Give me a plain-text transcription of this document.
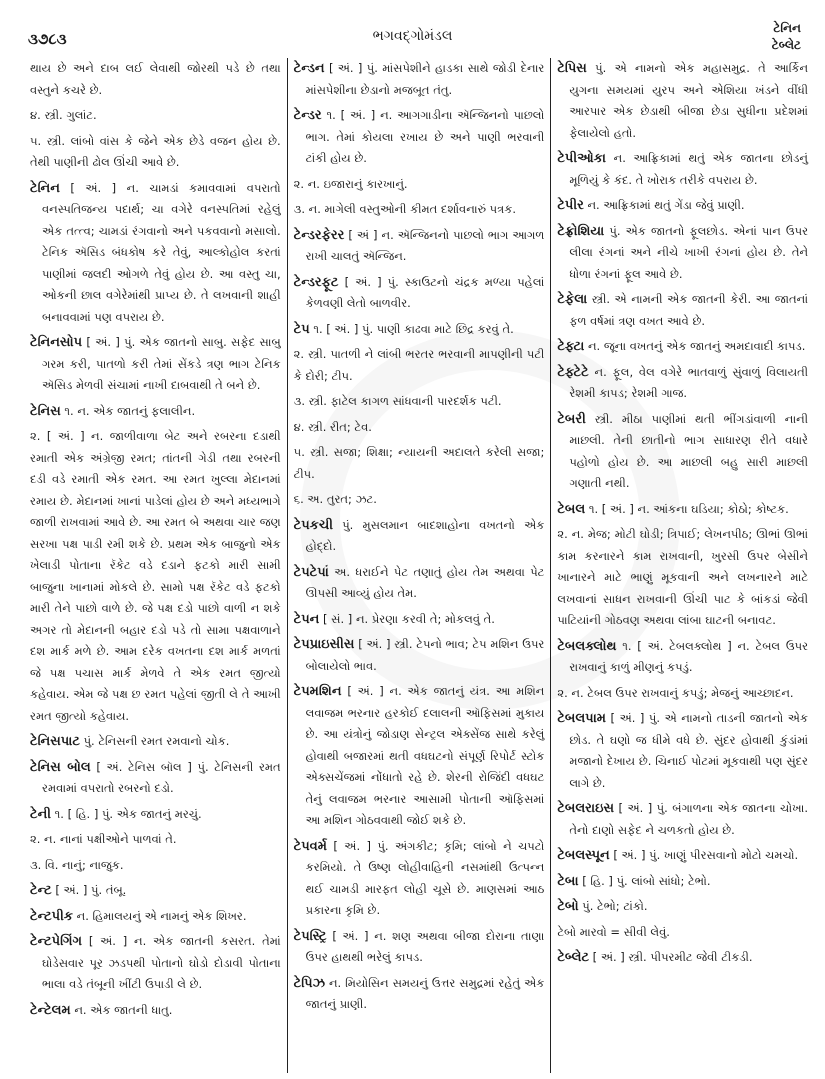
૩૭૮૩	ભગવદ્ગોમંડલ	ટેનિન
ટેબ્લેટ

થાય છે અને દાબ લઈ લેવાથી જોરથી પડે છે તથા વસ્તુને કચરે છે.

૪. સ્ત્રી. ગુલાંટ.

૫. સ્ત્રી. લાંબો વાંસ કે જેને એક છેડે વજન હોય છે. તેથી પાણીની ઢોલ ઊંચી આવે છે.

ટેનિન [ અં. ] ન. ચામડાં કમાવવામાં વપરાતો વનસ્પતિજન્ય પદાર્થ; ચા વગેરે વનસ્પતિમાં રહેલું એક તત્ત્વ; ચામડાં રંગવાનો અને પકવવાનો મસાલો. ટેનિક ઍસિડ બંધકોષ કરે તેવું, આલ્કોહોલ કરતાં પાણીમાં જલદી ઓગળે તેવું હોય છે. આ વસ્તુ ચા, ઓકની છાલ વગેરેમાંથી પ્રાપ્ય છે. તે લખવાની શાહી બનાવવામાં પણ વપરાય છે.

ટેનિનસોપ [ અં. ] પું. એક જાતનો સાબુ. સફેદ સાબુ ગરમ કરી, પાતળો કરી તેમાં સેંકડે ત્રણ ભાગ ટેનિક ઍસિડ મેળવી સંચામાં નાખી દાબવાથી તે બને છે.

ટેનિસ ૧. ન. એક જાતનું ફલાલીન.

૨. [ અં. ] ન. જાળીવાળા બેટ અને રબરના દડાથી રમાતી એક અંગ્રેજી રમત; તાંતની ગેડી તથા રબરની દડી વડે રમાતી એક રમત. આ રમત ખુલ્લા મેદાનમાં રમાય છે. મેદાનમાં ખાનાં પાડેલાં હોય છે અને મધ્યભાગે જાળી રાખવામાં આવે છે. આ રમત બે અથવા ચાર જણ સરખા પક્ષ પાડી રમી શકે છે. પ્રથમ એક બાજુનો એક ખેલાડી પોતાના રૅકેટ વડે દડાને ફટકો મારી સામી બાજુના ખાનામાં મોકલે છે. સામો પક્ષ રૅકેટ વડે ફટકો મારી તેને પાછો વાળે છે. જે પક્ષ દડો પાછો વાળી ન શકે અગર તો મેદાનની બહાર દડો પડે તો સામા પક્ષવાળાને દશ માર્ક મળે છે. આમ દરેક વખતના દશ માર્ક મળતાં જે પક્ષ પચાસ માર્ક મેળવે તે એક રમત જીત્યો કહેવાય. એમ જે પક્ષ છ રમત પહેલાં જીતી લે તે આખી રમત જીત્યો કહેવાય.

ટેનિસપાટ પું. ટેનિસની રમત રમવાનો ચોક.

ટેનિસ બોલ [ અં. ટેનિસ બૉલ ] પું. ટેનિસની રમત રમવામાં વપરાતો રબરનો દડો.

ટેની ૧. [ હિ. ] પું. એક જાતનું મરચું.

૨. ન. નાનાં પક્ષીઓને પાળવાં તે.

૩. વિ. નાનું; નાજુક.

ટેન્ટ [ અં. ] પું. તંબૂ.

ટેન્ટપીક ન. હિમાલયનું એ નામનું એક શિખર.

ટેન્ટપેગિંગ [ અં. ] ન. એક જાતની કસરત. તેમાં ઘોડેસવાર પૂર ઝડપથી પોતાનો ઘોડો દોડાવી પોતાના ભાલા વડે તંબૂની ખીંટી ઉપાડી લે છે.

ટેન્ટેલમ ન. એક જાતની ધાતુ.

ટેન્ડન [ અં. ] પું. માંસપેશીને હાડકા સાથે જોડી દેનાર માંસપેશીના છેડાનો મજબૂત તંતુ.

ટેન્ડર ૧. [ અં. ] ન. આગગાડીના ઍન્જિનનો પાછલો ભાગ. તેમાં કોયલા રખાય છે અને પાણી ભરવાની ટાંકી હોય છે.

૨. ન. ઇજારાનું કારખાનું.

૩. ન. માગેલી વસ્તુઓની કીમત દર્શાવનારું પત્રક.

ટેન્ડરફેરર [ અં ] ન. ઍન્જિનનો પાછલો ભાગ આગળ રાખી ચાલતું ઍન્જિન.

ટેન્ડરફૂટ [ અં. ] પું. સ્કાઉટનો ચંદ્રક મળ્યા પહેલાં કેળવણી લેતો બાળવીર.

ટેપ ૧. [ અં. ] પું. પાણી કાઢવા માટે છિદ્ર કરવું તે.

૨. સ્ત્રી. પાતળી ને લાંબી ભરતર ભરવાની માપણીની પટી કે દોરી; ટીપ.

૩. સ્ત્રી. ફાટેલ કાગળ સાંધવાની પારદર્શક પટી.

૪. સ્ત્રી. રીત; ટેવ.

૫. સ્ત્રી. સજા; શિક્ષા; ન્યાયની અદાલતે કરેલી સજા; ટીપ.

૬. અ. તુરત; ઝટ.

ટેપકચી પું. મુસલમાન બાદશાહોના વખતનો એક હોદ્દો.

ટેપટેપાં અ. ધરાઈને પેટ તણાતું હોય તેમ અથવા પેટ ઊપસી આવ્યું હોય તેમ.

ટેપન [ સં. ] ન. પ્રેરણા કરવી તે; મોકલવું તે.

ટેપપ્રાઇસીસ [ અં. ] સ્ત્રી. ટેપનો ભાવ; ટેપ મશિન ઉપર બોલાયેલો ભાવ.

ટેપમશિન [ અં. ] ન. એક જાતનું યંત્ર. આ મશિન લવાજમ ભરનાર હરકોઈ દલાલની ઑફિસમાં મુકાય છે. આ યંત્રોનું જોડાણ સેન્ટ્રલ એક્સેંજ સાથે કરેલું હોવાથી બજારમાં થતી વધઘટનો સંપૂર્ણ રિપોર્ટ સ્ટોક એક્સચેંજમાં નોંધાતો રહે છે. શેરની રોજિંદી વધઘટ તેનું લવાજમ ભરનાર આસામી પોતાની ઑફિસમાં આ મશિન ગોઠવવાથી જોઈ શકે છે.

ટેપવર્મ [ અં. ] પું. અંગકીટ; કૃમિ; લાંબો ને ચપટો કરમિયો. તે ઉષ્ણ લોહીવાહિની નસમાંથી ઉત્પન્ન થઈ ચામડી મારફત લોહી ચૂસે છે. માણસમાં આઠ પ્રકારના કૃમિ છે.

ટેપસ્ટ્રિ [ અં. ] ન. શણ અથવા બીજા દોરાના તાણા ઉપર હાથથી ભરેલું કાપડ.

ટેપિઝ ન. મિયોસિન સમયનું ઉત્તર સમુદ્રમાં રહેતું એક જાતનું પ્રાણી.

ટેપિસ પું. એ નામનો એક મહાસમુદ્ર. તે આર્કિન યુગના સમયમાં યુરપ અને એશિયા ખંડને વીંધી આરપાર એક છેડાથી બીજા છેડા સુધીના પ્રદેશમાં ફેલાયેલો હતો.

ટેપીઓકા ન. આફ્રિકામાં થતું એક જાતના છોડનું મૂળિયું કે કંદ. તે ખોરાક તરીકે વપરાય છે.

ટેપીર ન. આફ્રિકામાં થતું ગેંડા જેવું પ્રાણી.

ટેફ્રોશિયા પું. એક જાતનો ફૂલછોડ. એનાં પાન ઉપર લીલા રંગનાં અને નીચે ખાખી રંગનાં હોય છે. તેને ધોળા રંગનાં ફૂલ આવે છે.

ટેફેલા સ્ત્રી. એ નામની એક જાતની કેરી. આ જાતનાં ફળ વર્ષમાં ત્રણ વખત આવે છે.

ટેફ્ટા ન. જૂના વખતનું એક જાતનું અમદાવાદી કાપડ.

ટેફ્ટેટે ન. ફૂલ, વેલ વગેરે ભાતવાળું સુંવાળું વિલાયતી રેશમી કાપડ; રેશમી ગાજ.

ટેબરી સ્ત્રી. મીઠા પાણીમાં થતી ભીંગડાંવાળી નાની માછલી. તેની છાતીનો ભાગ સાધારણ રીતે વધારે પહોળો હોય છે. આ માછલી બહુ સારી માછલી ગણાતી નથી.

ટેબલ ૧. [ અં. ] ન. આંકના ઘડિયા; કોઠો; કોષ્ટક.

૨. ન. મેજ; મોટી ઘોડી; ત્રિપાઈ; લેખનપીઠ; ઊભાં ઊભાં કામ કરનારને કામ રાખવાની, ખુરસી ઉપર બેસીને ખાનારને માટે ભાણું મૂકવાની અને લખનારને માટે લખવાનાં સાધન રાખવાની ઊંચી પાટ કે બાંકડાં જેવી પાટિયાંની ગોઠવણ અથવા લાંબા ઘાટની બનાવટ.

ટેબલક્લોથ ૧. [ અં. ટેબલક્લોથ ] ન. ટેબલ ઉપર રાખવાનું કાળું મીણનું કપડું.

૨. ન. ટેબલ ઉપર રાખવાનું કપડું; મેજનું આચ્છાદન.

ટેબલપામ [ અં. ] પું. એ નામનો તાડની જાતનો એક છોડ. તે ઘણો જ ધીમે વધે છે. સુંદર હોવાથી કુંડાંમાં મજાનો દેખાય છે. ચિનાઈ પોટમાં મૂકવાથી પણ સુંદર લાગે છે.

ટેબલરાઇસ [ અં. ] પું. બંગાળના એક જાતના ચોખા. તેનો દાણો સફેદ ને ચળકતો હોય છે.

ટેબલસ્પૂન [ અં. ] પું. ખાણું પીરસવાનો મોટો ચમચો.

ટેબા [ હિ. ] પું. લાંબો સાંધો; ટેભો.

ટેબો પું. ટેભો; ટાંકો.

ટેબો મારવો = સીવી લેવું.

ટેબ્લેટ [ અં. ] સ્ત્રી. પીપરમીટ જેવી ટીકડી.
